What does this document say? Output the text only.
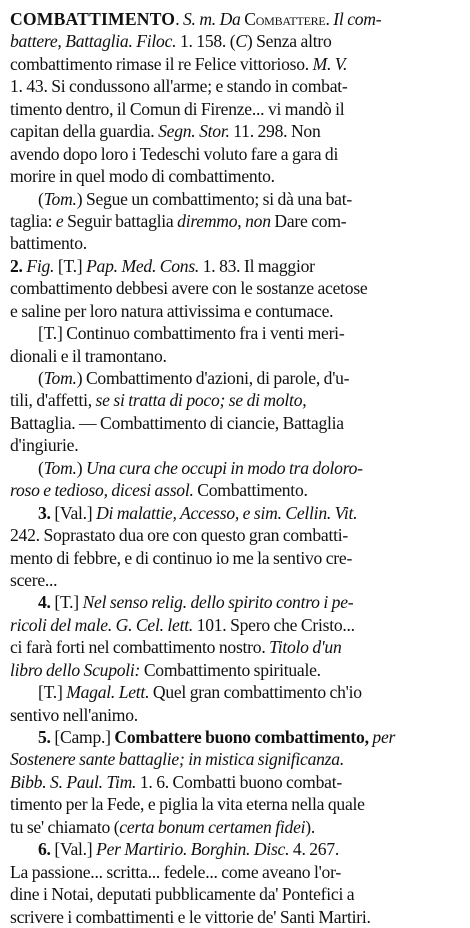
COMBATTIMENTO. S. m. Da Combattere. Il com-
battere, Battaglia. Filoc. 1. 158. (C) Senza altro
combattimento rimase il re Felice vittorioso. M. V.
1. 43. Si condussono all'arme; e stando in combat-
timento dentro, il Comun di Firenze... vi mandò il
capitan della guardia. Segn. Stor. 11. 298. Non
avendo dopo loro i Tedeschi voluto fare a gara di
morire in quel modo di combattimento.
(Tom.) Segue un combattimento; si dà una bat-
taglia: e Seguir battaglia diremmo, non Dare com-
battimento.
2. Fig. [T.] Pap. Med. Cons. 1. 83. Il maggior
combattimento debbesi avere con le sostanze acetose
e saline per loro natura attivissima e contumace.
[T.] Continuo combattimento fra i venti meri-
dionali e il tramontano.
(Tom.) Combattimento d'azioni, di parole, d'u-
tili, d'affetti, se si tratta di poco; se di molto,
Battaglia. — Combattimento di ciancie, Battaglia
d'ingiurie.
(Tom.) Una cura che occupi in modo tra doloro-
roso e tedioso, dicesi assol. Combattimento.
3. [Val.] Di malattie, Accesso, e sim. Cellin. Vit.
242. Soprastato dua ore con questo gran combatti-
mento di febbre, e di continuo io me la sentivo cre-
scere...
4. [T.] Nel senso relig. dello spirito contro i pe-
ricoli del male. G. Cel. lett. 101. Spero che Cristo...
ci farà forti nel combattimento nostro. Titolo d'un
libro dello Scupoli: Combattimento spirituale.
[T.] Magal. Lett. Quel gran combattimento ch'io
sentivo nell'animo.
5. [Camp.] Combattere buono combattimento, per
Sostenere sante battaglie; in mistica significanza.
Bibb. S. Paul. Tim. 1. 6. Combatti buono combat-
timento per la Fede, e piglia la vita eterna nella quale
tu se' chiamato (certa bonum certamen fidei).
6. [Val.] Per Martirio. Borghin. Disc. 4. 267.
La passione... scritta... fedele... come aveano l'or-
dine i Notai, deputati pubblicamente da' Pontefici a
scrivere i combattimenti e le vittorie de' Santi Martiri.
